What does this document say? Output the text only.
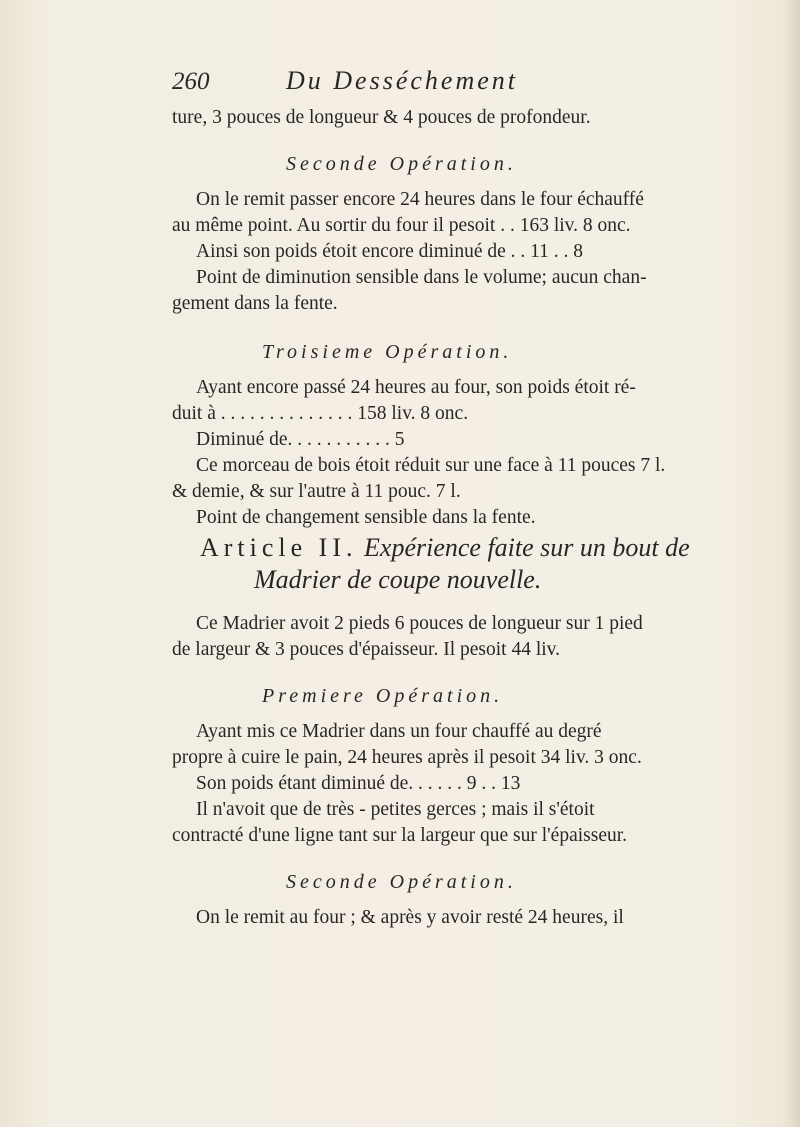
260	Du Desséchement
ture, 3 pouces de longueur & 4 pouces de profondeur.
Seconde Opération.
On le remit passer encore 24 heures dans le four échauffé
au même point. Au sortir du four il pesoit . . 163 liv. 8 onc.
Ainsi son poids étoit encore diminué de . . 11 . . 8
Point de diminution sensible dans le volume; aucun chan-
gement dans la fente.
Troisieme Opération.
Ayant encore passé 24 heures au four, son poids étoit ré-
duit à . . . . . . . . . . . . . . 158 liv. 8 onc.
Diminué de. . . . . . . . . . . 5
Ce morceau de bois étoit réduit sur une face à 11 pouces 7 l.
& demie, & sur l'autre à 11 pouc. 7 l.
Point de changement sensible dans la fente.
Article II. Expérience faite sur un bout de
Madrier de coupe nouvelle.
Ce Madrier avoit 2 pieds 6 pouces de longueur sur 1 pied
de largeur & 3 pouces d'épaisseur. Il pesoit 44 liv.
Premiere Opération.
Ayant mis ce Madrier dans un four chauffé au degré
propre à cuire le pain, 24 heures après il pesoit 34 liv. 3 onc.
Son poids étant diminué de. . . . . . 9 . . 13
Il n'avoit que de très - petites gerces ; mais il s'étoit
contracté d'une ligne tant sur la largeur que sur l'épaisseur.
Seconde Opération.
On le remit au four ; & après y avoir resté 24 heures, il
